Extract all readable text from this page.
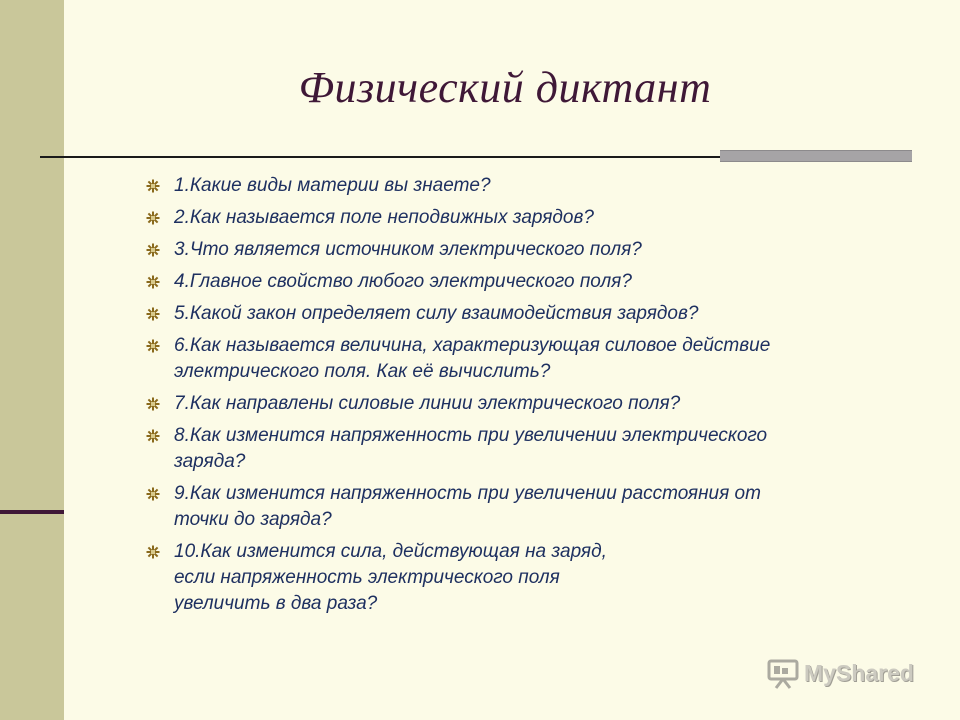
Физический диктант
1.Какие виды материи вы знаете?
2.Как называется поле неподвижных зарядов?
3.Что является источником электрического поля?
4.Главное свойство любого электрического поля?
5.Какой закон определяет силу взаимодействия зарядов?
6.Как называется величина, характеризующая силовое действие
электрического поля. Как её вычислить?
7.Как направлены силовые линии электрического поля?
8.Как изменится напряженность при увеличении электрического
заряда?
9.Как изменится напряженность при увеличении расстояния от
точки до заряда?
10.Как изменится сила, действующая на заряд,
если напряженность электрического поля
увеличить в два раза?
MyShared
